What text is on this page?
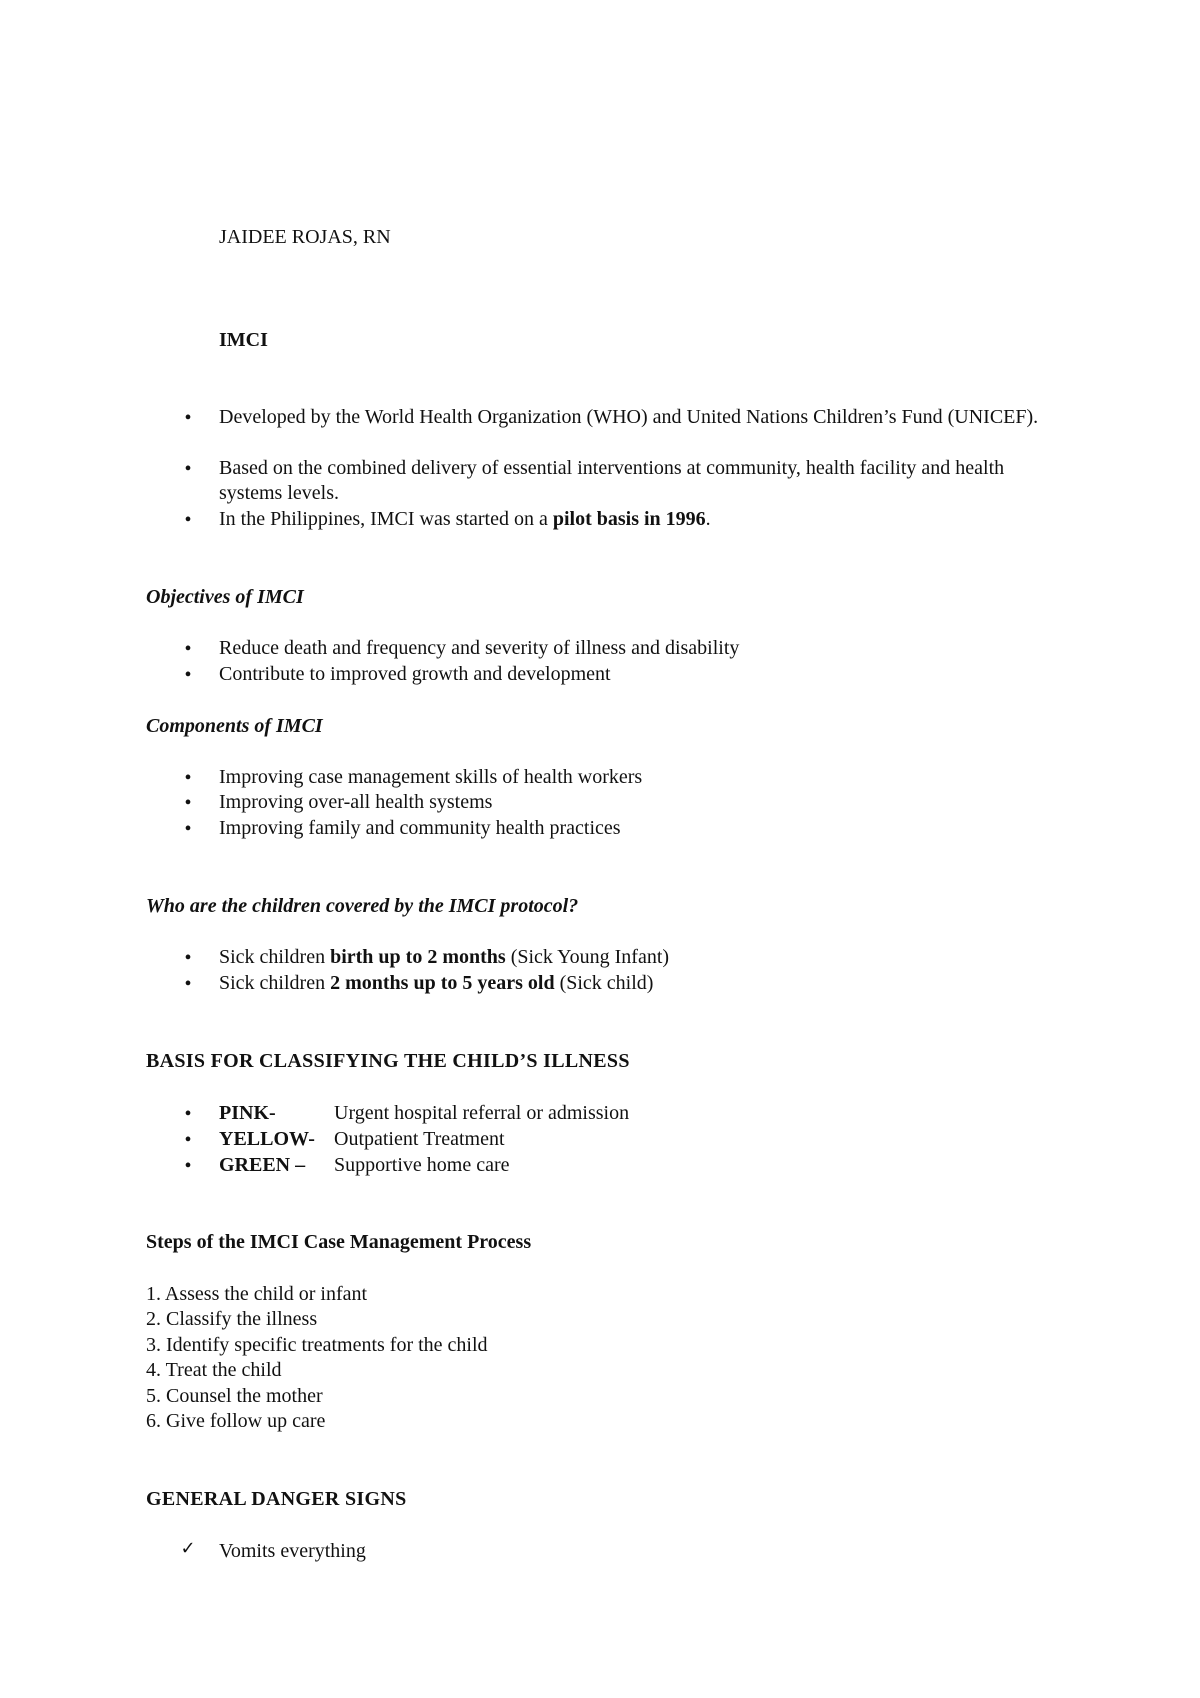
JAIDEE ROJAS, RN
IMCI
•	Developed by the World Health Organization (WHO) and United Nations Children’s Fund (UNICEF).
•	Based on the combined delivery of essential interventions at community, health facility and health systems levels.
•	In the Philippines, IMCI was started on a pilot basis in 1996.
Objectives of IMCI
•	Reduce death and frequency and severity of illness and disability
•	Contribute to improved growth and development
Components of IMCI
•	Improving case management skills of health workers
•	Improving over-all health systems
•	Improving family and community health practices
Who are the children covered by the IMCI protocol?
•	Sick children birth up to 2 months (Sick Young Infant)
•	Sick children 2 months up to 5 years old (Sick child)
BASIS FOR CLASSIFYING THE CHILD’S ILLNESS
•	PINK-	Urgent hospital referral or admission
•	YELLOW- Outpatient Treatment
•	GREEN – Supportive home care
Steps of the IMCI Case Management Process
1. Assess the child or infant
2. Classify the illness
3. Identify specific treatments for the child
4. Treat the child
5. Counsel the mother
6. Give follow up care
GENERAL DANGER SIGNS
✓ Vomits everything
